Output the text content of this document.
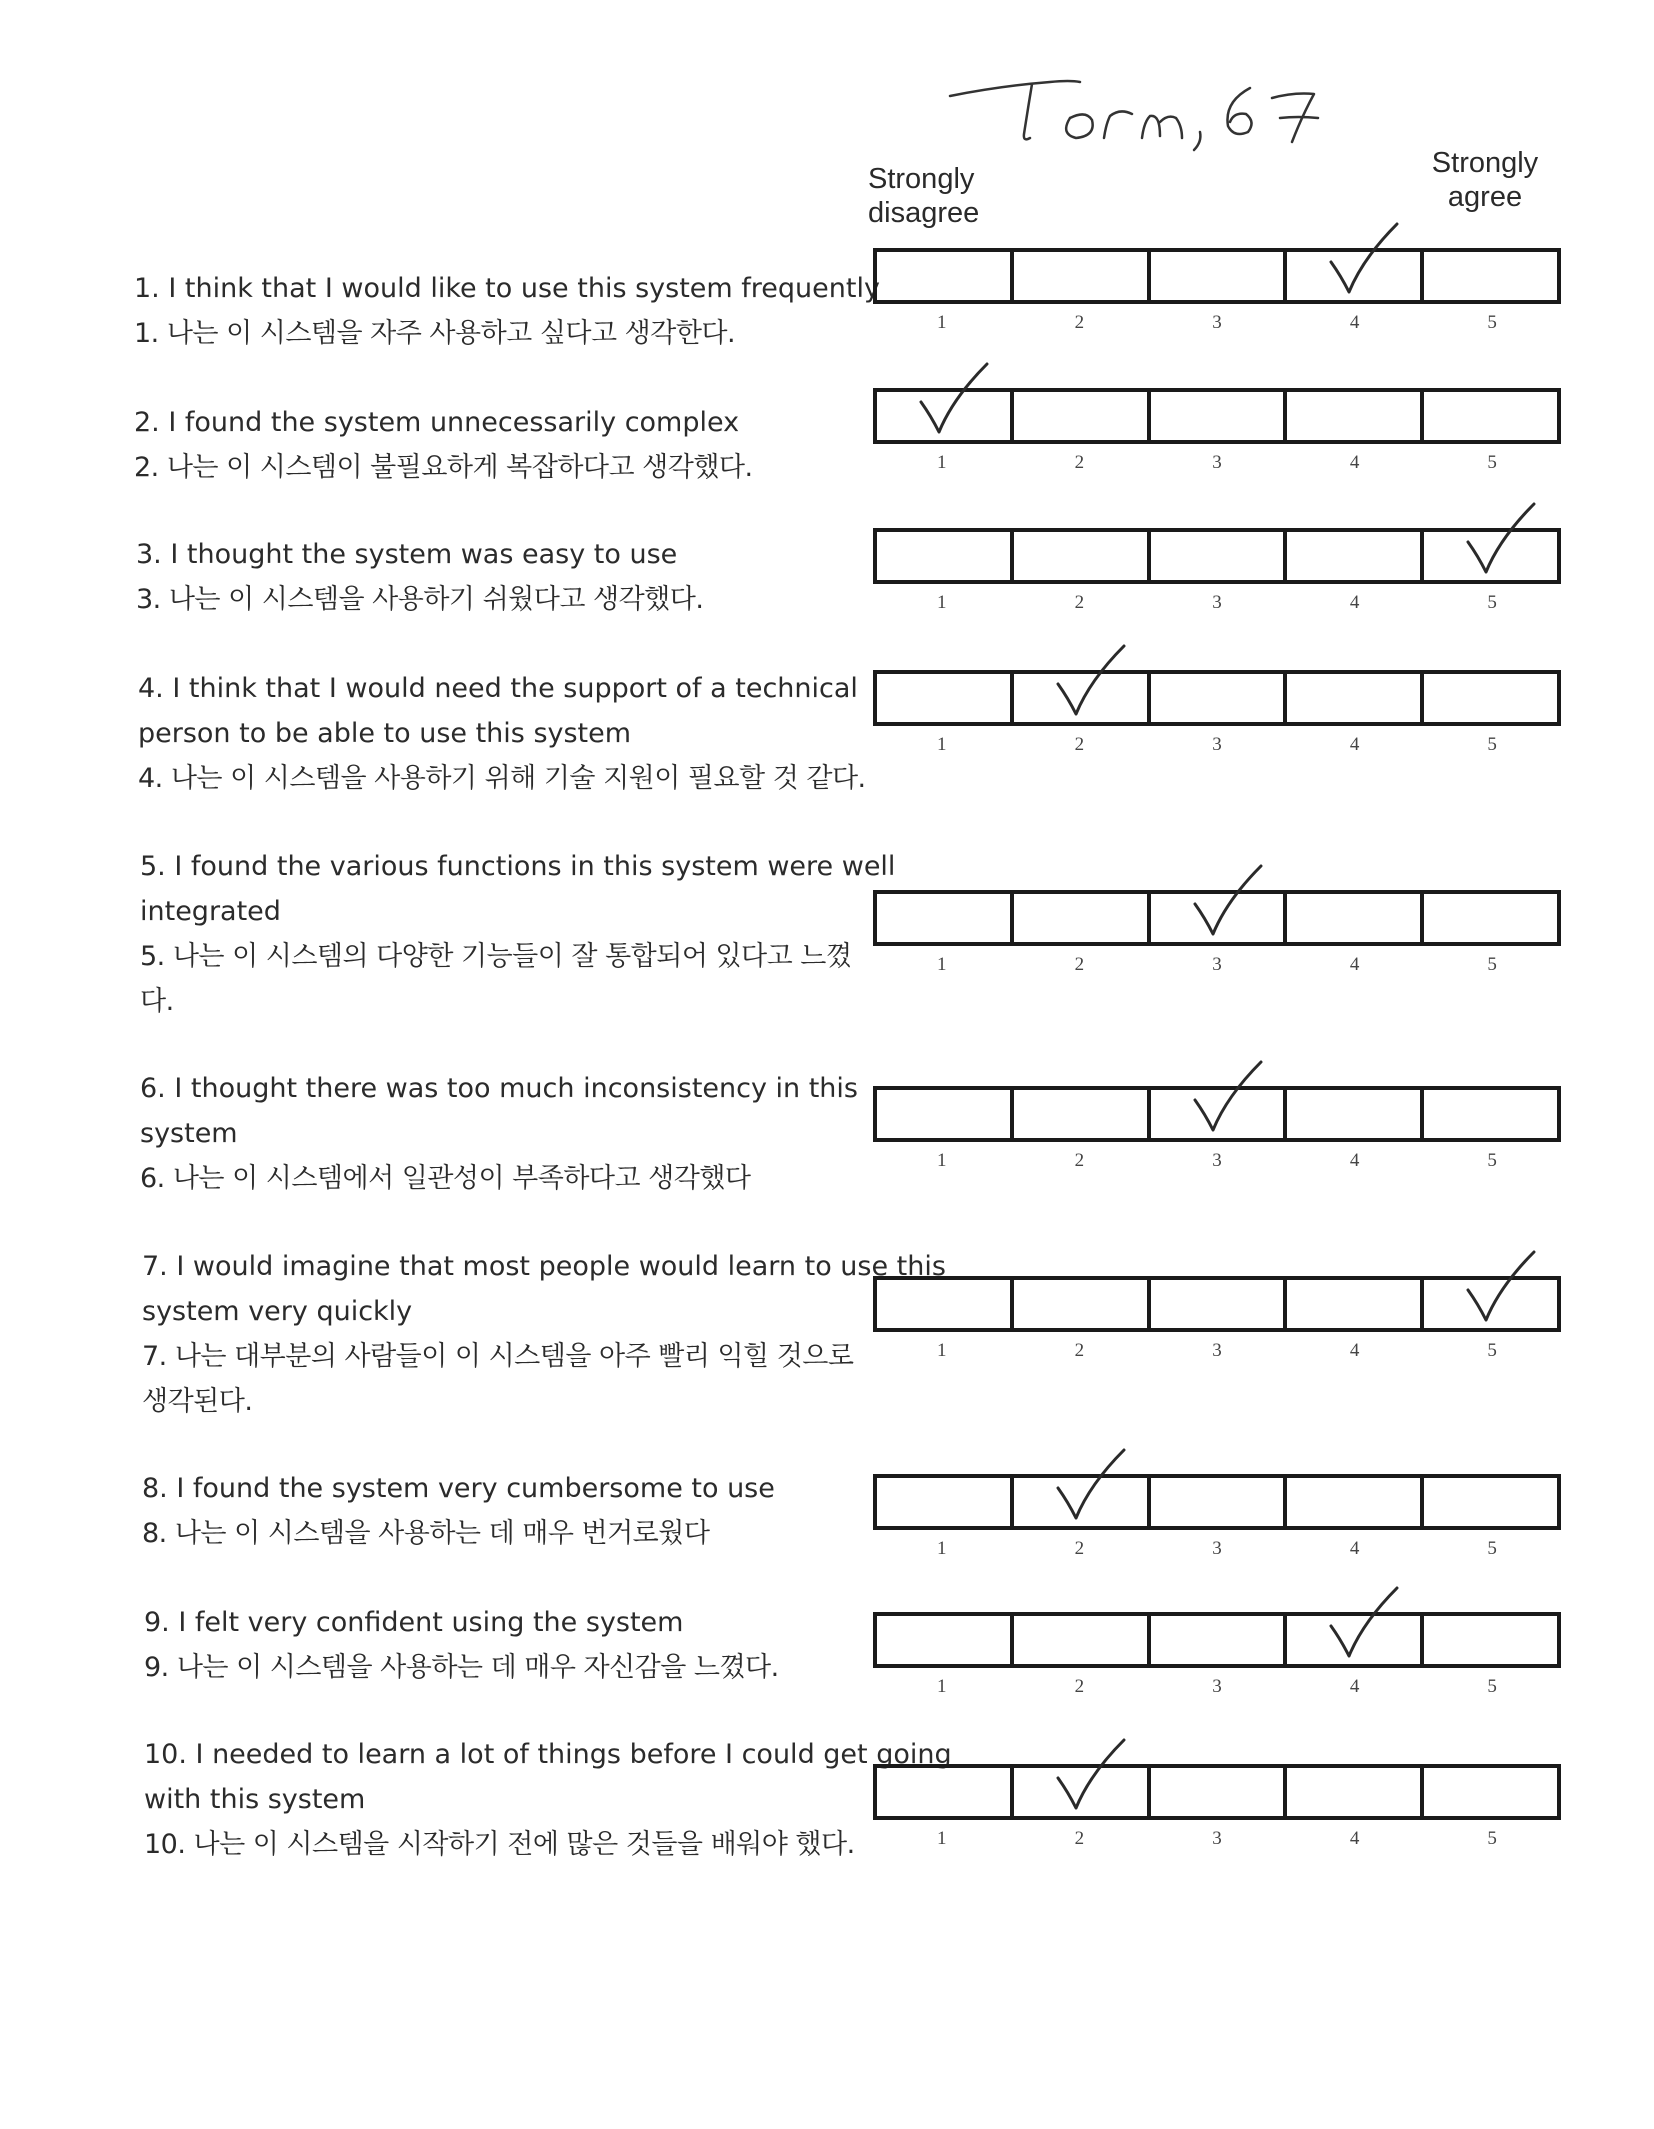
Strongly
disagree
Strongly
agree
1. I think that I would like to use this system frequently
1. 나는 이 시스템을 자주 사용하고 싶다고 생각한다.	1	2	3	4	5
2. I found the system unnecessarily complex
2. 나는 이 시스템이 불필요하게 복잡하다고 생각했다.	1	2	3	4	5
3. I thought the system was easy to use
3. 나는 이 시스템을 사용하기 쉬웠다고 생각했다.	1	2	3	4	5
4. I think that I would need the support of a technical
person to be able to use this system
4. 나는 이 시스템을 사용하기 위해 기술 지원이 필요할 것 같다.
1	2	3	4	5
5. I found the various functions in this system were well
integrated
5. 나는 이 시스템의 다양한 기능들이 잘 통합되어 있다고 느꼈
다.
1	2	3	4	5
6. I thought there was too much inconsistency in this
system
6. 나는 이 시스템에서 일관성이 부족하다고 생각했다
1	2	3	4	5
7. I would imagine that most people would learn to use this
system very quickly
7. 나는 대부분의 사람들이 이 시스템을 아주 빨리 익힐 것으로
생각된다.
1	2	3	4	5
8. I found the system very cumbersome to use
8. 나는 이 시스템을 사용하는 데 매우 번거로웠다	1	2	3	4	5
9. I felt very confident using the system
9. 나는 이 시스템을 사용하는 데 매우 자신감을 느꼈다.
1	2	3	4	5
10. I needed to learn a lot of things before I could get going
with this system
10. 나는 이 시스템을 시작하기 전에 많은 것들을 배워야 했다.	1	2	3	4	5
